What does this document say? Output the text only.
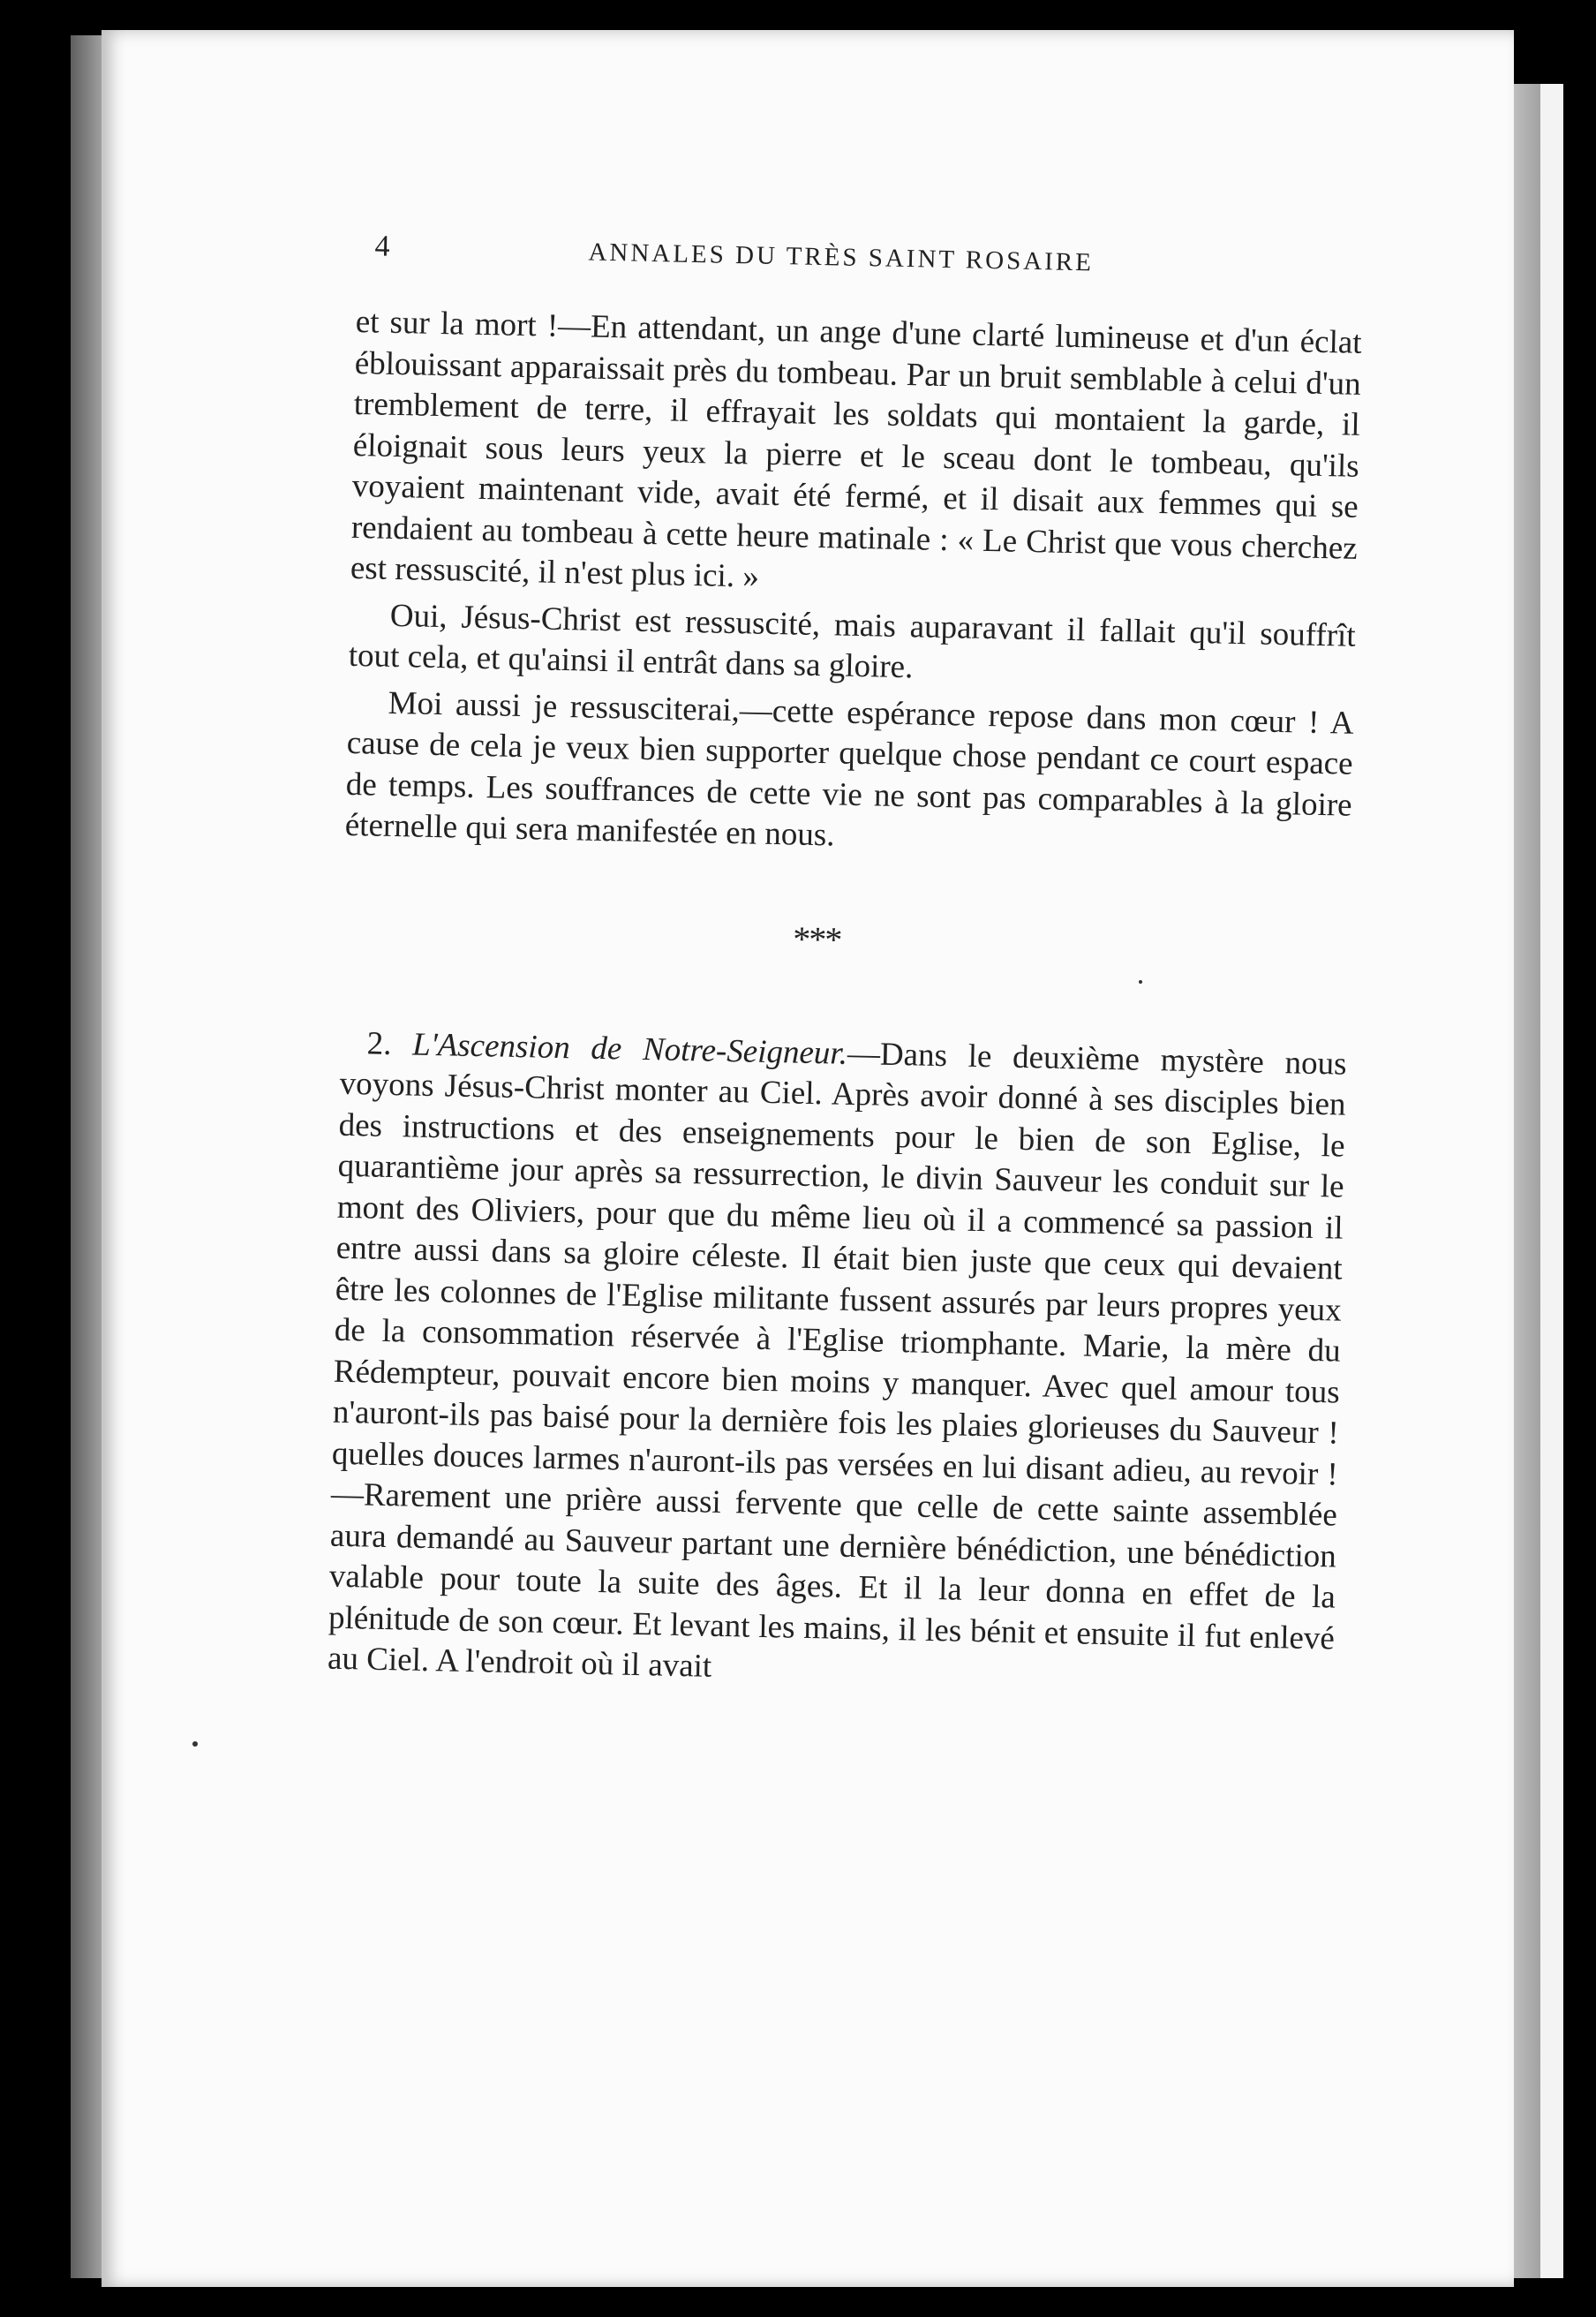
4	ANNALES DU TRÈS SAINT ROSAIRE

et sur la mort !—En attendant, un ange d'une clarté lumineuse et d'un éclat éblouissant apparaissait près du tombeau. Par un bruit semblable à celui d'un tremblement de terre, il effrayait les soldats qui montaient la garde, il éloignait sous leurs yeux la pierre et le sceau dont le tombeau, qu'ils voyaient maintenant vide, avait été fermé, et il disait aux femmes qui se rendaient au tombeau à cette heure matinale : « Le Christ que vous cherchez est ressuscité, il n'est plus ici. »

Oui, Jésus-Christ est ressuscité, mais auparavant il fallait qu'il souffrît tout cela, et qu'ainsi il entrât dans sa gloire.

Moi aussi je ressusciterai,—cette espérance repose dans mon cœur ! A cause de cela je veux bien supporter quelque chose pendant ce court espace de temps. Les souffrances de cette vie ne sont pas comparables à la gloire éternelle qui sera manifestée en nous.

***

2. L'Ascension de Notre-Seigneur.—Dans le deuxième mystère nous voyons Jésus-Christ monter au Ciel. Après avoir donné à ses disciples bien des instructions et des enseignements pour le bien de son Eglise, le quarantième jour après sa ressurrection, le divin Sauveur les conduit sur le mont des Oliviers, pour que du même lieu où il a commencé sa passion il entre aussi dans sa gloire céleste. Il était bien juste que ceux qui devaient être les colonnes de l'Eglise militante fussent assurés par leurs propres yeux de la consommation réservée à l'Eglise triomphante. Marie, la mère du Rédempteur, pouvait encore bien moins y manquer. Avec quel amour tous n'auront-ils pas baisé pour la dernière fois les plaies glorieuses du Sauveur ! quelles douces larmes n'auront-ils pas versées en lui disant adieu, au revoir !—Rarement une prière aussi fervente que celle de cette sainte assemblée aura demandé au Sauveur partant une dernière bénédiction, une bénédiction valable pour toute la suite des âges. Et il la leur donna en effet de la plénitude de son cœur. Et levant les mains, il les bénit et ensuite il fut enlevé au Ciel. A l'endroit où il avait
